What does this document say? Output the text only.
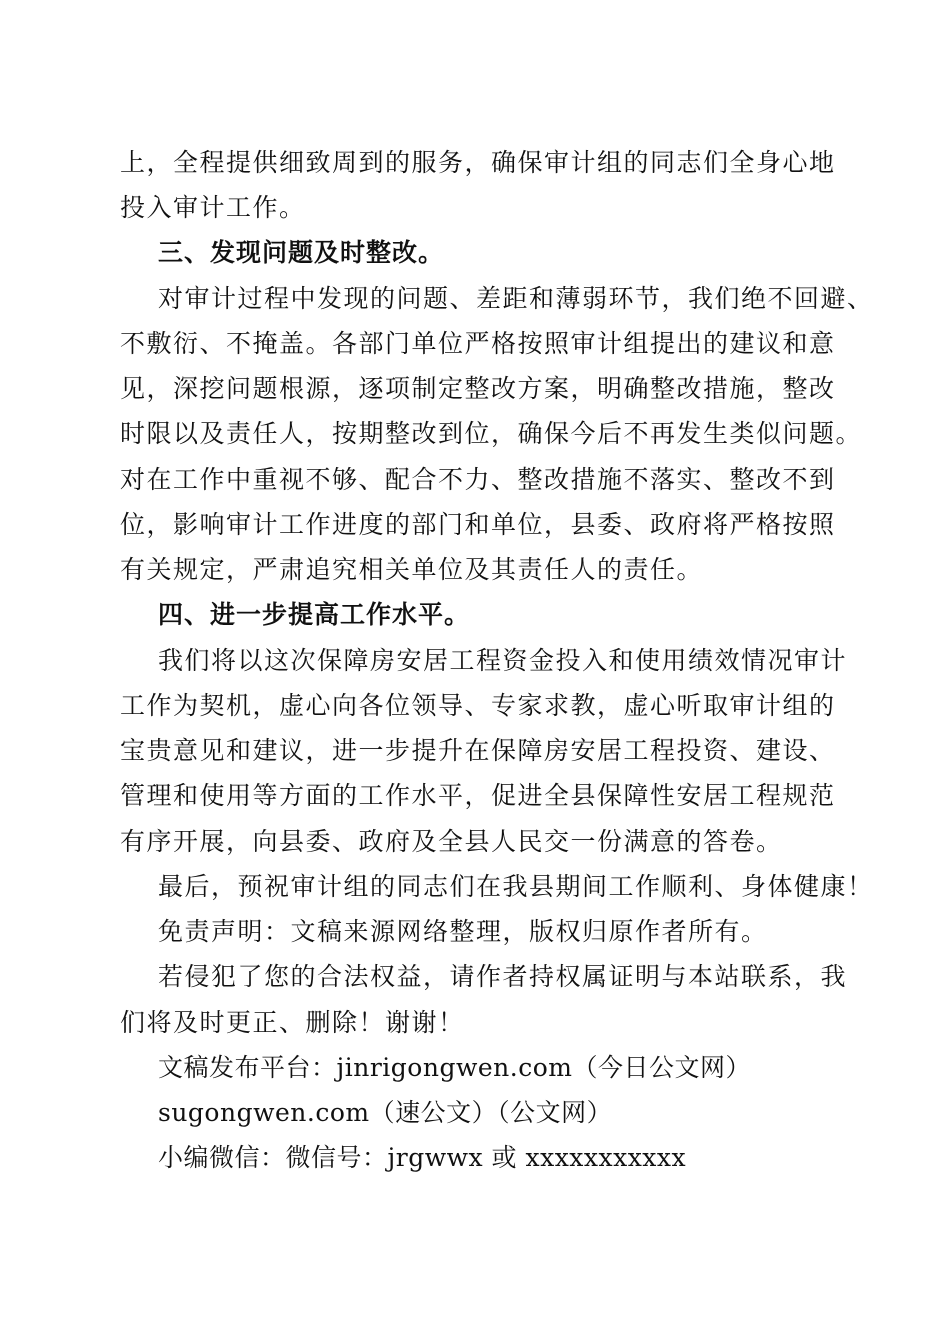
上，全程提供细致周到的服务，确保审计组的同志们全身心地
投入审计工作。
三、发现问题及时整改。
对审计过程中发现的问题、差距和薄弱环节，我们绝不回避、
不敷衍、不掩盖。各部门单位严格按照审计组提出的建议和意
见，深挖问题根源，逐项制定整改方案，明确整改措施，整改
时限以及责任人，按期整改到位，确保今后不再发生类似问题。
对在工作中重视不够、配合不力、整改措施不落实、整改不到
位，影响审计工作进度的部门和单位，县委、政府将严格按照
有关规定，严肃追究相关单位及其责任人的责任。
四、进一步提高工作水平。
我们将以这次保障房安居工程资金投入和使用绩效情况审计
工作为契机，虚心向各位领导、专家求教，虚心听取审计组的
宝贵意见和建议，进一步提升在保障房安居工程投资、建设、
管理和使用等方面的工作水平，促进全县保障性安居工程规范
有序开展，向县委、政府及全县人民交一份满意的答卷。
最后，预祝审计组的同志们在我县期间工作顺利、身体健康！
免责声明：文稿来源网络整理，版权归原作者所有。
若侵犯了您的合法权益，请作者持权属证明与本站联系，我
们将及时更正、删除！谢谢！
文稿发布平台：jinrigongwen.com（今日公文网）
sugongwen.com（速公文）（公文网）
小编微信：微信号：jrgwwx 或 xxxxxxxxxxx
